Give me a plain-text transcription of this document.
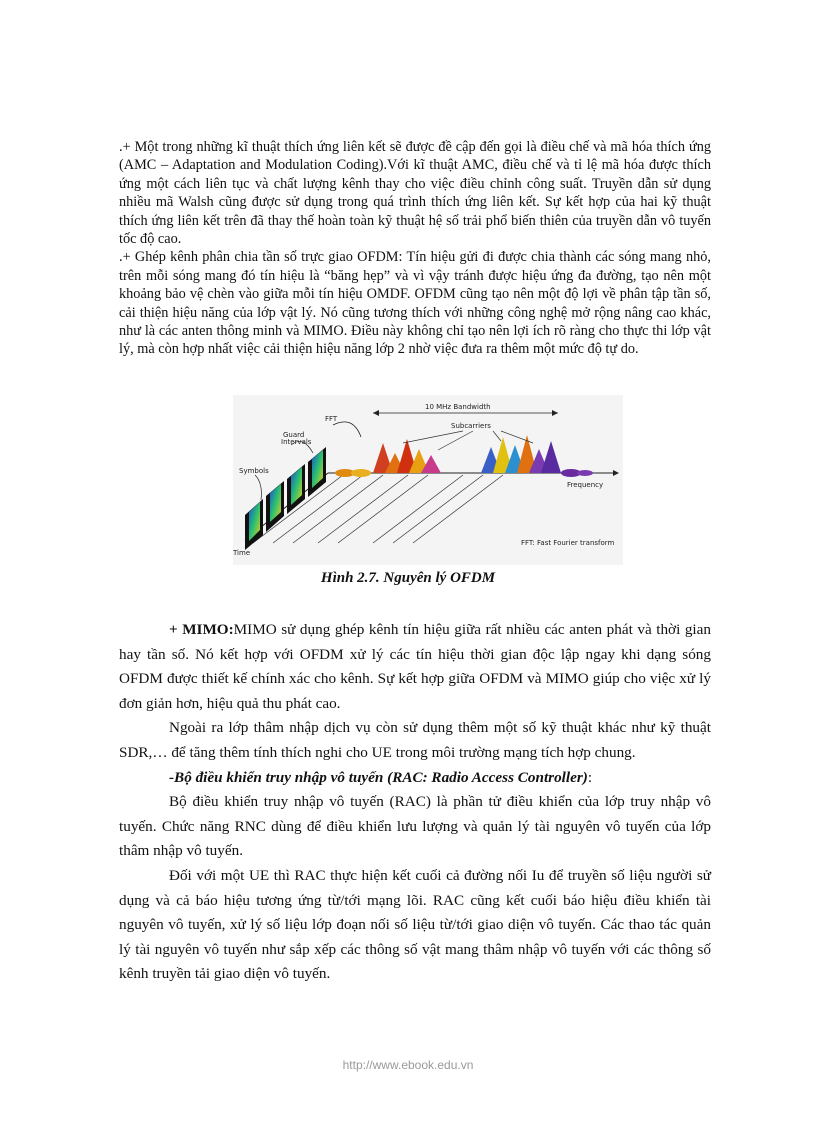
.+ Một trong những kĩ thuật thích ứng liên kết sẽ được đề cập đến gọi là điều chế và mã hóa thích ứng (AMC – Adaptation and Modulation Coding).Với kĩ thuật AMC, điều chế và tỉ lệ mã hóa được thích ứng một cách liên tục và chất lượng kênh thay cho việc điều chỉnh công suất. Truyền dẫn sử dụng nhiều mã Walsh cũng được sử dụng trong quá trình thích ứng liên kết. Sự kết hợp của hai kỹ thuật thích ứng liên kết trên đã thay thế hoàn toàn kỹ thuật hệ số trải phổ biến thiên của truyền dẫn vô tuyến tốc độ cao.

.+ Ghép kênh phân chia tần số trực giao OFDM: Tín hiệu gửi đi được chia thành các sóng mang nhỏ, trên mỗi sóng mang đó tín hiệu là “băng hẹp” và vì vậy tránh được hiệu ứng đa đường, tạo nên một khoảng bảo vệ chèn vào giữa mỗi tín hiệu OMDF. OFDM cũng tạo nên một độ lợi về phân tập tần số, cải thiện hiệu năng của lớp vật lý. Nó cũng tương thích với những công nghệ mở rộng nâng cao khác, như là các anten thông minh và MIMO. Điều này không chỉ tạo nên lợi ích rõ ràng cho thực thi lớp vật lý, mà còn hợp nhất việc cải thiện hiệu năng lớp 2 nhờ việc đưa ra thêm một mức độ tự do.

10 MHz Bandwidth
Subcarriers
FFT
Guard
Intervals
Symbols
Frequency
Time
FFT: Fast Fourier transform
Hình 2.7. Nguyên lý OFDM

+ MIMO:MIMO sử dụng ghép kênh tín hiệu giữa rất nhiều các anten phát và thời gian hay tần số. Nó kết hợp với OFDM xử lý các tín hiệu thời gian độc lập ngay khi dạng sóng OFDM được thiết kế chính xác cho kênh. Sự kết hợp giữa OFDM và MIMO giúp cho việc xử lý đơn giản hơn, hiệu quả thu phát cao.

Ngoài ra lớp thâm nhập dịch vụ còn sử dụng thêm một số kỹ thuật khác như kỹ thuật SDR,… để tăng thêm tính thích nghi cho UE trong môi trường mạng tích hợp chung.

-Bộ điều khiển truy nhập vô tuyến (RAC: Radio Access Controller):

Bộ điều khiển truy nhập vô tuyến (RAC) là phần tử điều khiển của lớp truy nhập vô tuyến. Chức năng RNC dùng để điều khiển lưu lượng và quản lý tài nguyên vô tuyến của lớp thâm nhập vô tuyến.

Đối với một UE thì RAC thực hiện kết cuối cả đường nối Iu để truyền số liệu người sử dụng và cả báo hiệu tương ứng từ/tới mạng lõi. RAC cũng kết cuối báo hiệu điều khiển tài nguyên vô tuyến, xử lý số liệu lớp đoạn nối số liệu từ/tới giao diện vô tuyến. Các thao tác quản lý tài nguyên vô tuyến như sắp xếp các thông số vật mang thâm nhập vô tuyến với các thông số kênh truyền tải giao diện vô tuyến.

http://www.ebook.edu.vn
